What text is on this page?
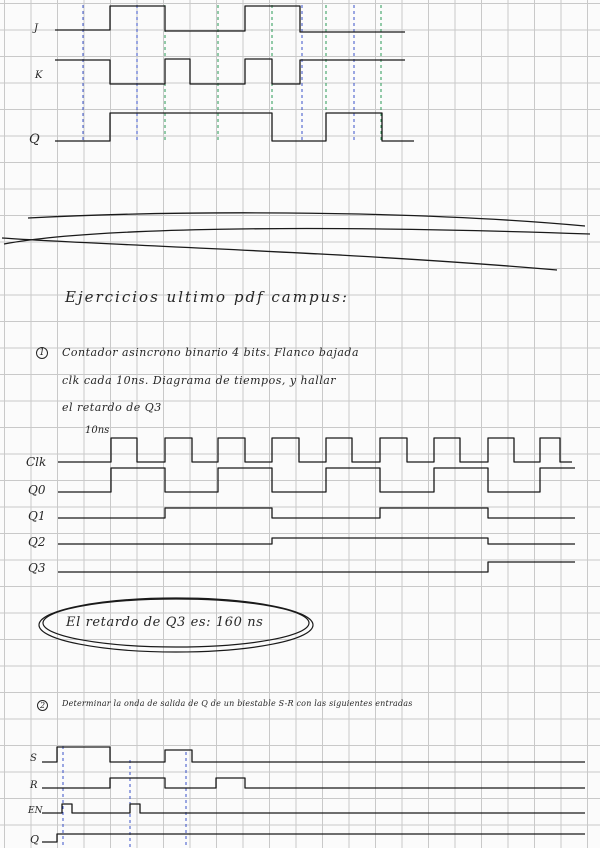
J
K
Q
Ejercicios ultimo pdf campus:
1 Contador asincrono binario 4 bits. Flanco bajada
clk cada 10ns. Diagrama de tiempos, y hallar
el retardo de Q3
10ns
Clk
Q0
Q1
Q2
Q3
El retardo de Q3 es: 160 ns
2	Determinar la onda de salida de Q de un biestable S-R con las siguientes entradas
S
R
EN
Q
